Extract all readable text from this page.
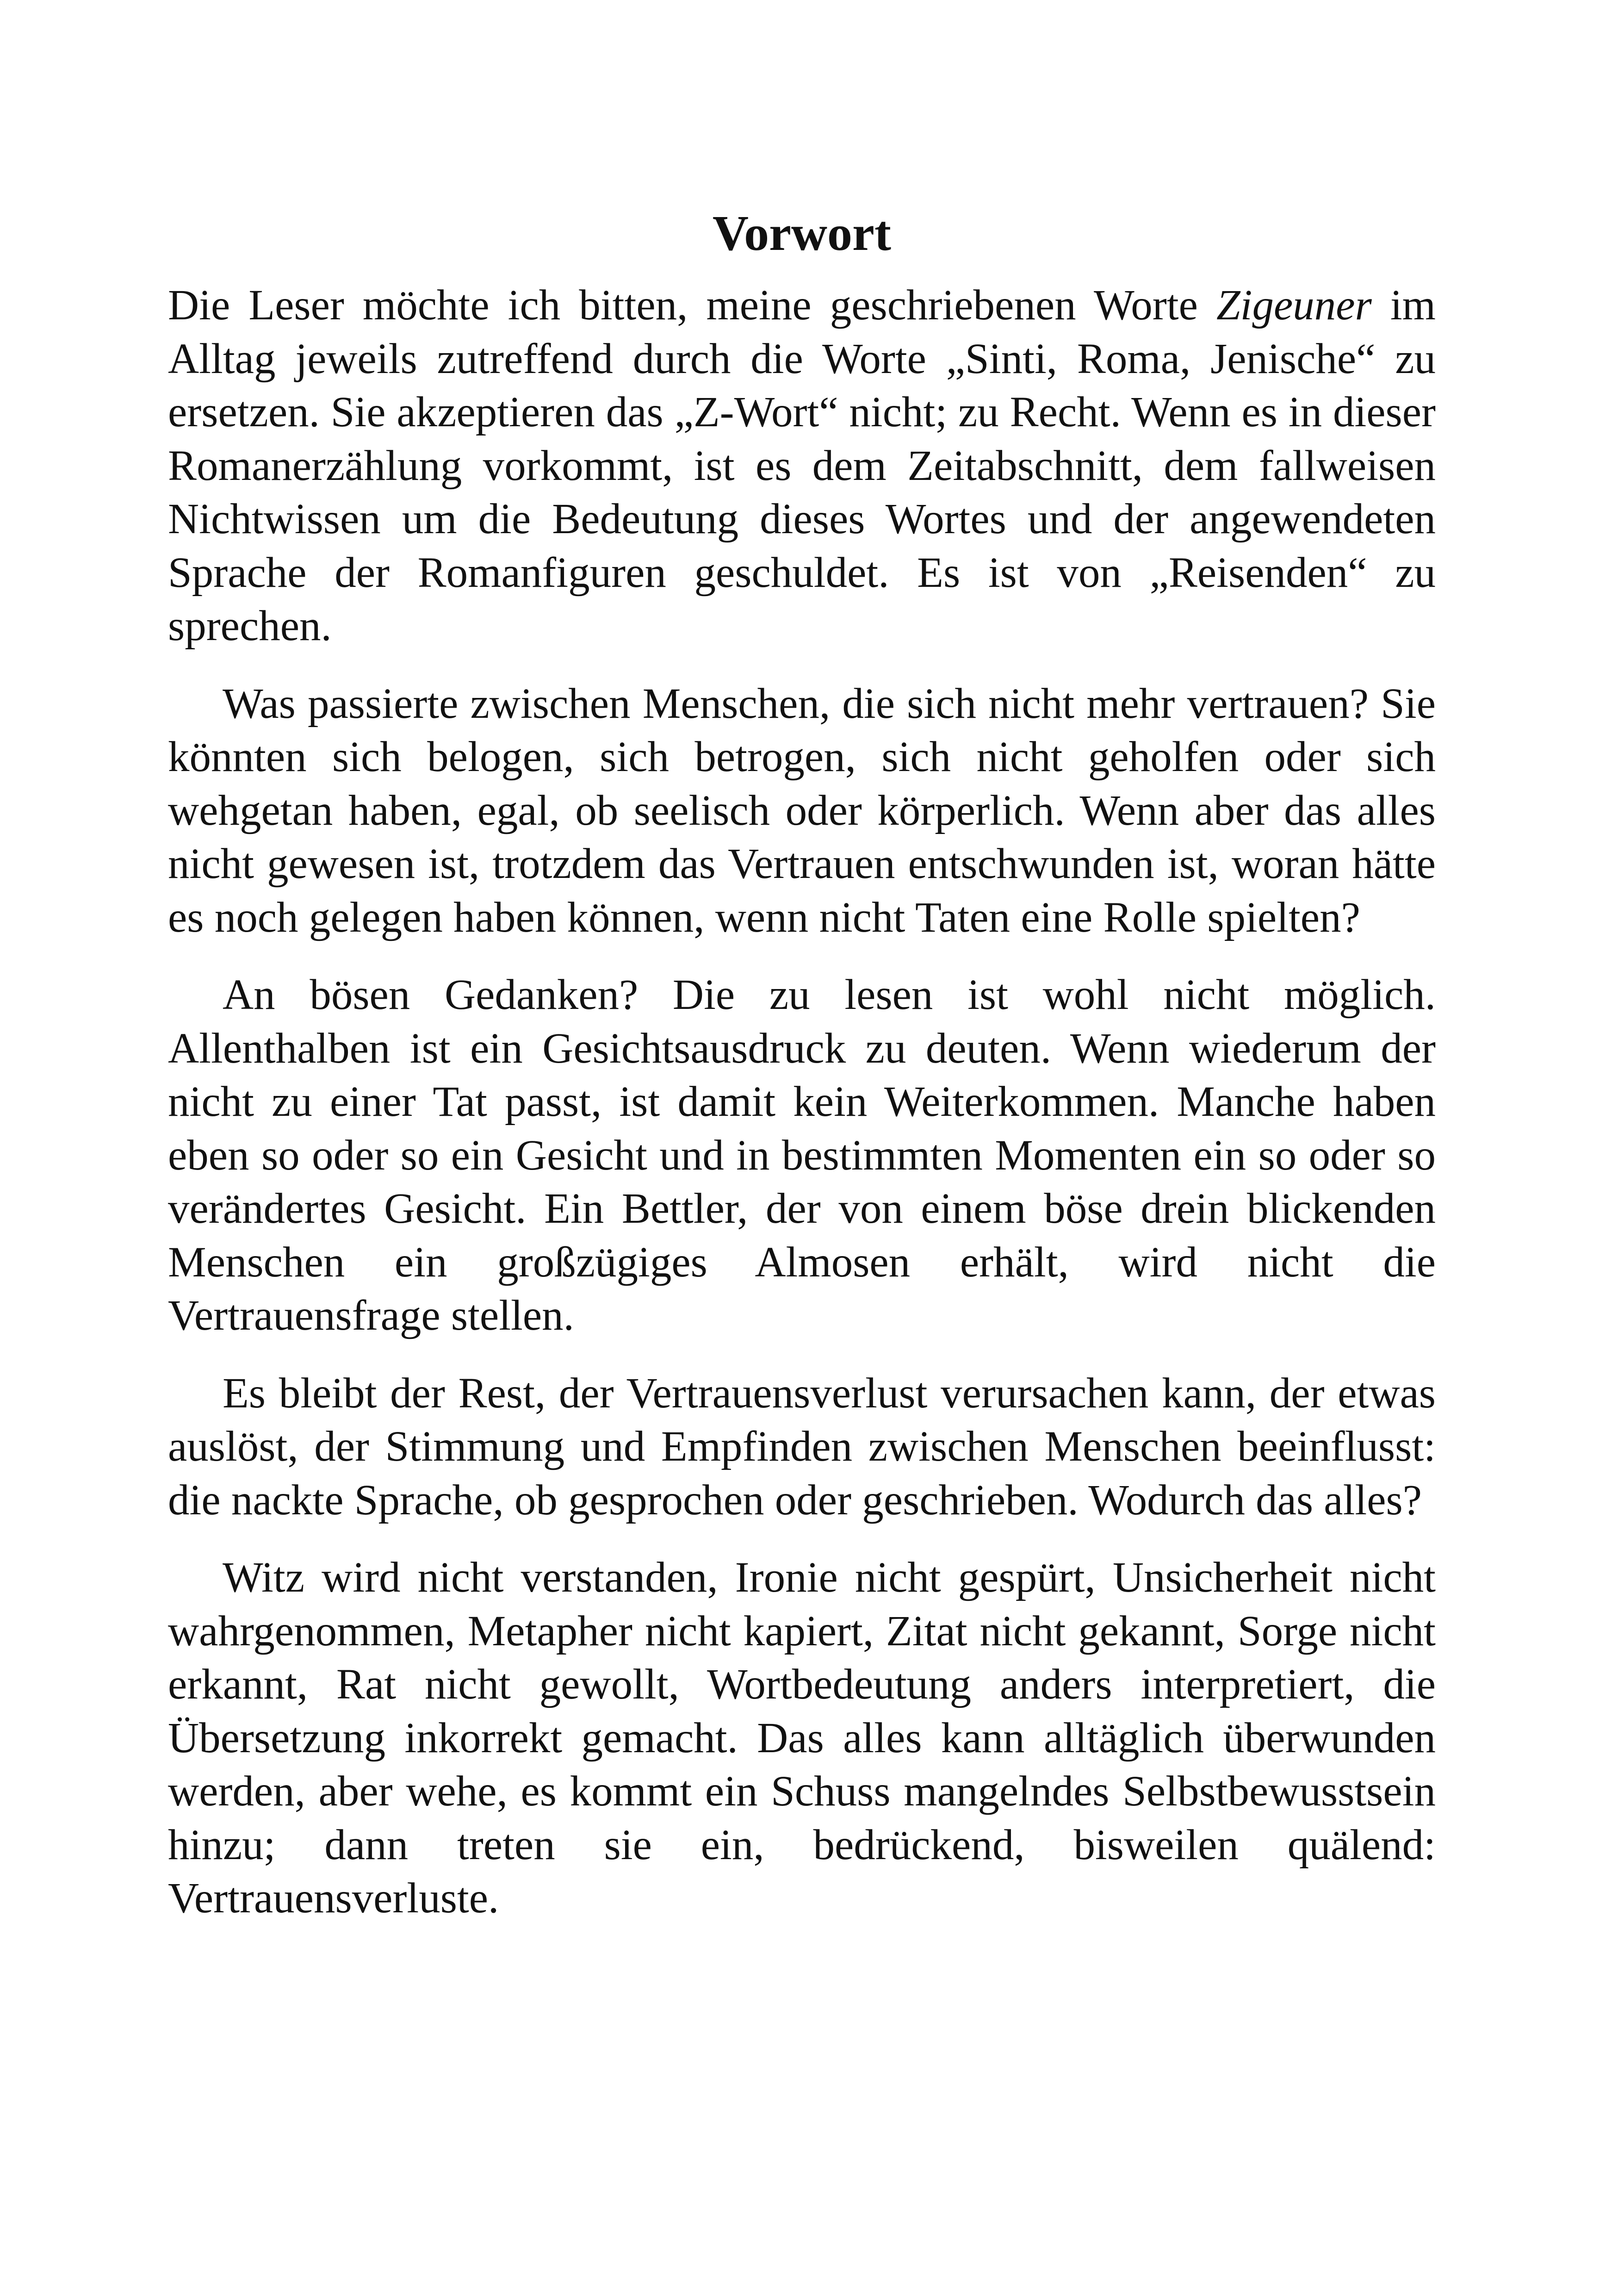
Vorwort

Die Leser möchte ich bitten, meine geschriebenen Worte Zigeuner im Alltag jeweils zutreffend durch die Worte „Sinti, Roma, Jenische“ zu ersetzen. Sie akzeptieren das „Z-Wort“ nicht; zu Recht. Wenn es in dieser Romanerzählung vorkommt, ist es dem Zeitabschnitt, dem fallweisen Nichtwissen um die Bedeutung dieses Wortes und der angewendeten Sprache der Romanfiguren geschuldet. Es ist von „Reisenden“ zu sprechen.

Was passierte zwischen Menschen, die sich nicht mehr vertrauen? Sie könnten sich belogen, sich betrogen, sich nicht geholfen oder sich wehgetan haben, egal, ob seelisch oder körperlich. Wenn aber das alles nicht gewesen ist, trotzdem das Vertrauen entschwunden ist, woran hätte es noch gelegen haben können, wenn nicht Taten eine Rolle spielten?

An bösen Gedanken? Die zu lesen ist wohl nicht möglich. Allenthalben ist ein Gesichtsausdruck zu deuten. Wenn wiederum der nicht zu einer Tat passt, ist damit kein Weiterkommen. Manche haben eben so oder so ein Gesicht und in bestimmten Momenten ein so oder so verändertes Gesicht. Ein Bettler, der von einem böse drein blickenden Menschen ein großzügiges Almosen erhält, wird nicht die Vertrauensfrage stellen.

Es bleibt der Rest, der Vertrauensverlust verursachen kann, der etwas auslöst, der Stimmung und Empfinden zwischen Menschen beeinflusst: die nackte Sprache, ob gesprochen oder geschrieben. Wodurch das alles?

Witz wird nicht verstanden, Ironie nicht gespürt, Unsicherheit nicht wahrgenommen, Metapher nicht kapiert, Zitat nicht gekannt, Sorge nicht erkannt, Rat nicht gewollt, Wortbedeutung anders interpretiert, die Übersetzung inkorrekt gemacht. Das alles kann alltäglich überwunden werden, aber wehe, es kommt ein Schuss mangelndes Selbstbewusstsein hinzu; dann treten sie ein, bedrückend, bisweilen quälend: Vertrauensverluste.
